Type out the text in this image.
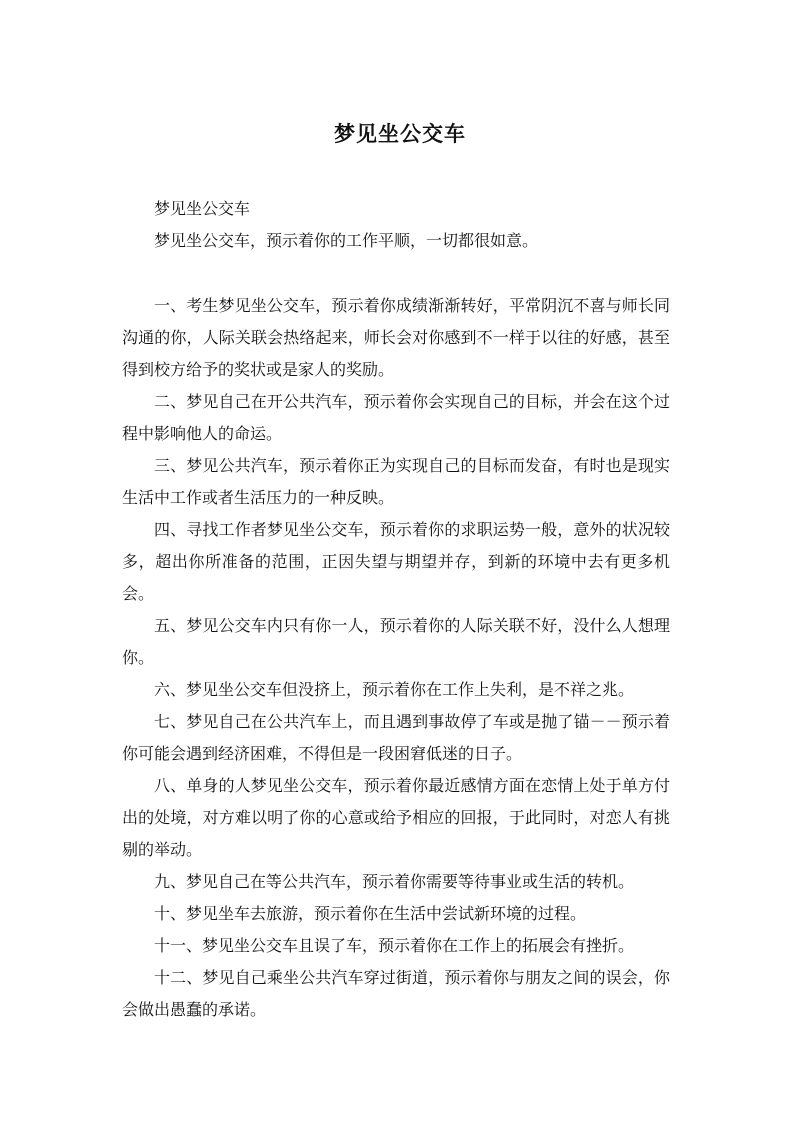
梦见坐公交车

梦见坐公交车

梦见坐公交车，预示着你的工作平顺，一切都很如意。

一、考生梦见坐公交车，预示着你成绩渐渐转好，平常阴沉不喜与师长同沟通的你，人际关联会热络起来，师长会对你感到不一样于以往的好感，甚至得到校方给予的奖状或是家人的奖励。

二、梦见自己在开公共汽车，预示着你会实现自己的目标，并会在这个过程中影响他人的命运。

三、梦见公共汽车，预示着你正为实现自己的目标而发奋，有时也是现实生活中工作或者生活压力的一种反映。

四、寻找工作者梦见坐公交车，预示着你的求职运势一般，意外的状况较多，超出你所准备的范围，正因失望与期望并存，到新的环境中去有更多机会。

五、梦见公交车内只有你一人，预示着你的人际关联不好，没什么人想理你。

六、梦见坐公交车但没挤上，预示着你在工作上失利，是不祥之兆。

七、梦见自己在公共汽车上，而且遇到事故停了车或是抛了锚－－预示着你可能会遇到经济困难，不得但是一段困窘低迷的日子。

八、单身的人梦见坐公交车，预示着你最近感情方面在恋情上处于单方付出的处境，对方难以明了你的心意或给予相应的回报，于此同时，对恋人有挑剔的举动。

九、梦见自己在等公共汽车，预示着你需要等待事业或生活的转机。

十、梦见坐车去旅游，预示着你在生活中尝试新环境的过程。

十一、梦见坐公交车且误了车，预示着你在工作上的拓展会有挫折。

十二、梦见自己乘坐公共汽车穿过街道，预示着你与朋友之间的误会，你会做出愚蠢的承诺。
